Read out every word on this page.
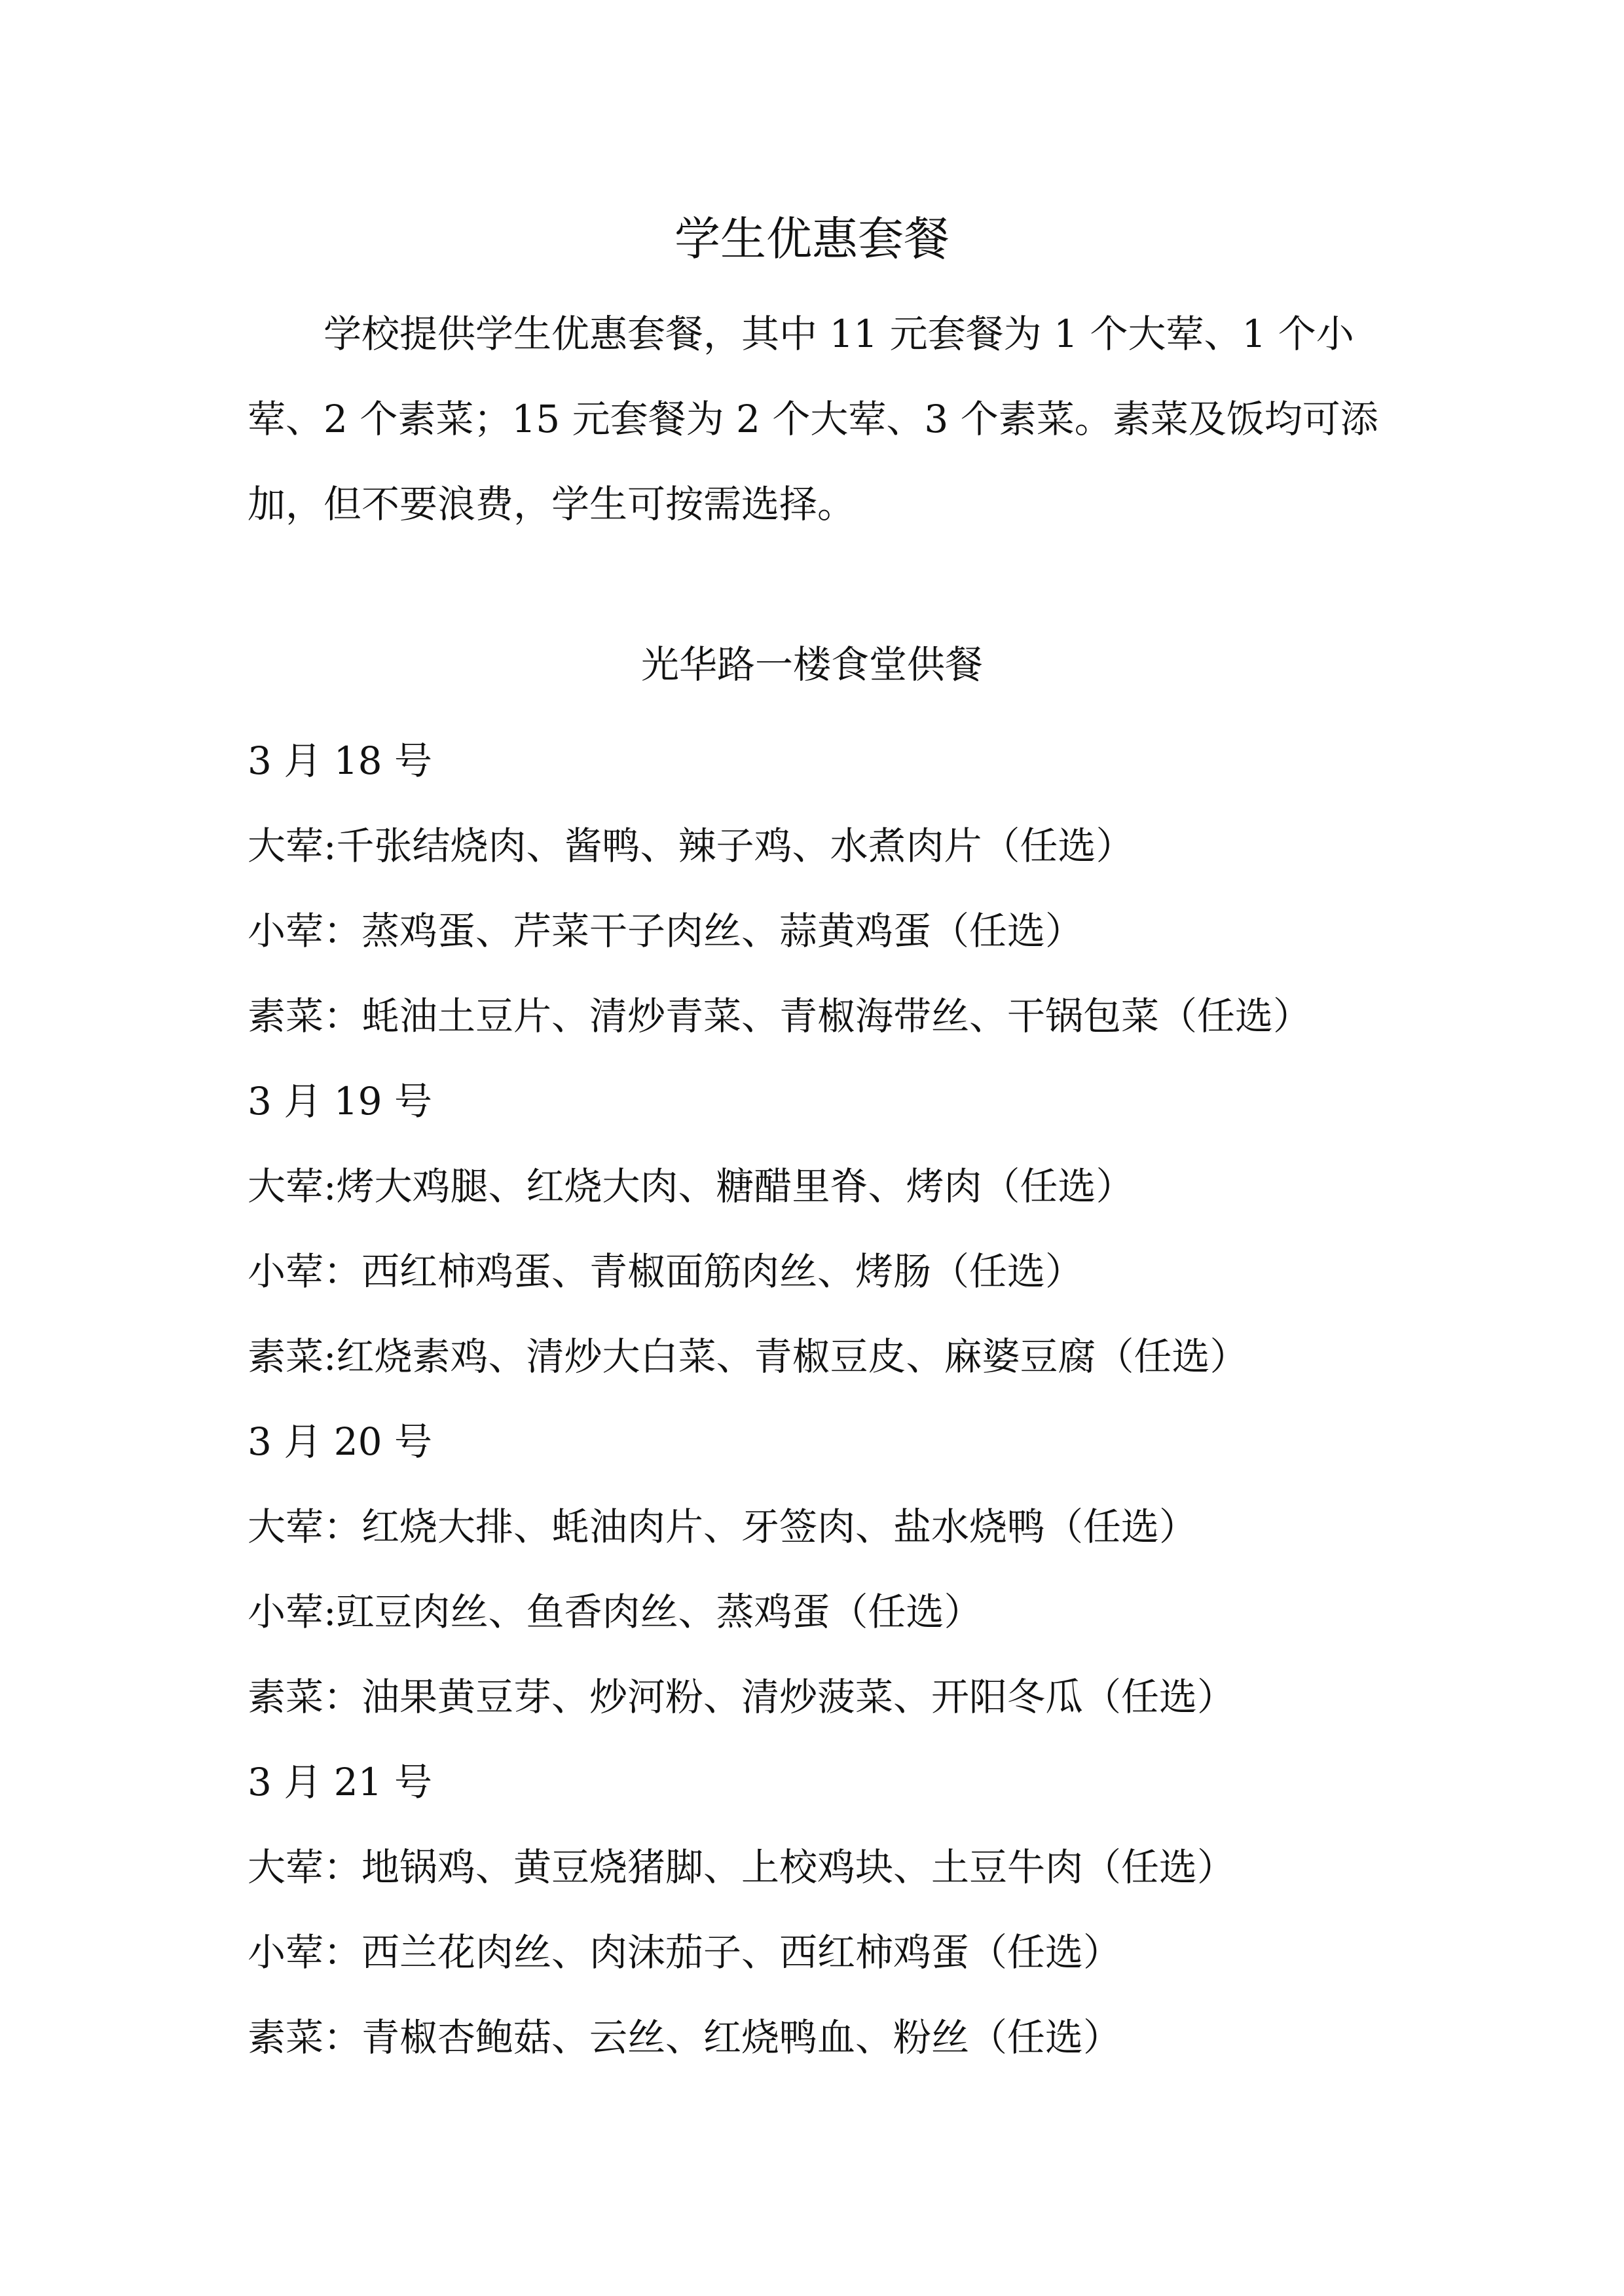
学生优惠套餐

学校提供学生优惠套餐，其中 11 元套餐为 1 个大荤、1 个小荤、2 个素菜；15 元套餐为 2 个大荤、3 个素菜。素菜及饭均可添加，但不要浪费，学生可按需选择。

光华路一楼食堂供餐
3 月 18 号
大荤:千张结烧肉、酱鸭、辣子鸡、水煮肉片（任选）
小荤：蒸鸡蛋、芹菜干子肉丝、蒜黄鸡蛋（任选）
素菜：蚝油土豆片、清炒青菜、青椒海带丝、干锅包菜（任选）
3 月 19 号
大荤:烤大鸡腿、红烧大肉、糖醋里脊、烤肉（任选）
小荤：西红柿鸡蛋、青椒面筋肉丝、烤肠（任选）
素菜:红烧素鸡、清炒大白菜、青椒豆皮、麻婆豆腐（任选）
3 月 20 号
大荤：红烧大排、蚝油肉片、牙签肉、盐水烧鸭（任选）
小荤:豇豆肉丝、鱼香肉丝、蒸鸡蛋（任选）
素菜：油果黄豆芽、炒河粉、清炒菠菜、开阳冬瓜（任选）
3 月 21 号
大荤：地锅鸡、黄豆烧猪脚、上校鸡块、土豆牛肉（任选）
小荤：西兰花肉丝、肉沫茄子、西红柿鸡蛋（任选）
素菜：青椒杏鲍菇、云丝、红烧鸭血、粉丝（任选）
